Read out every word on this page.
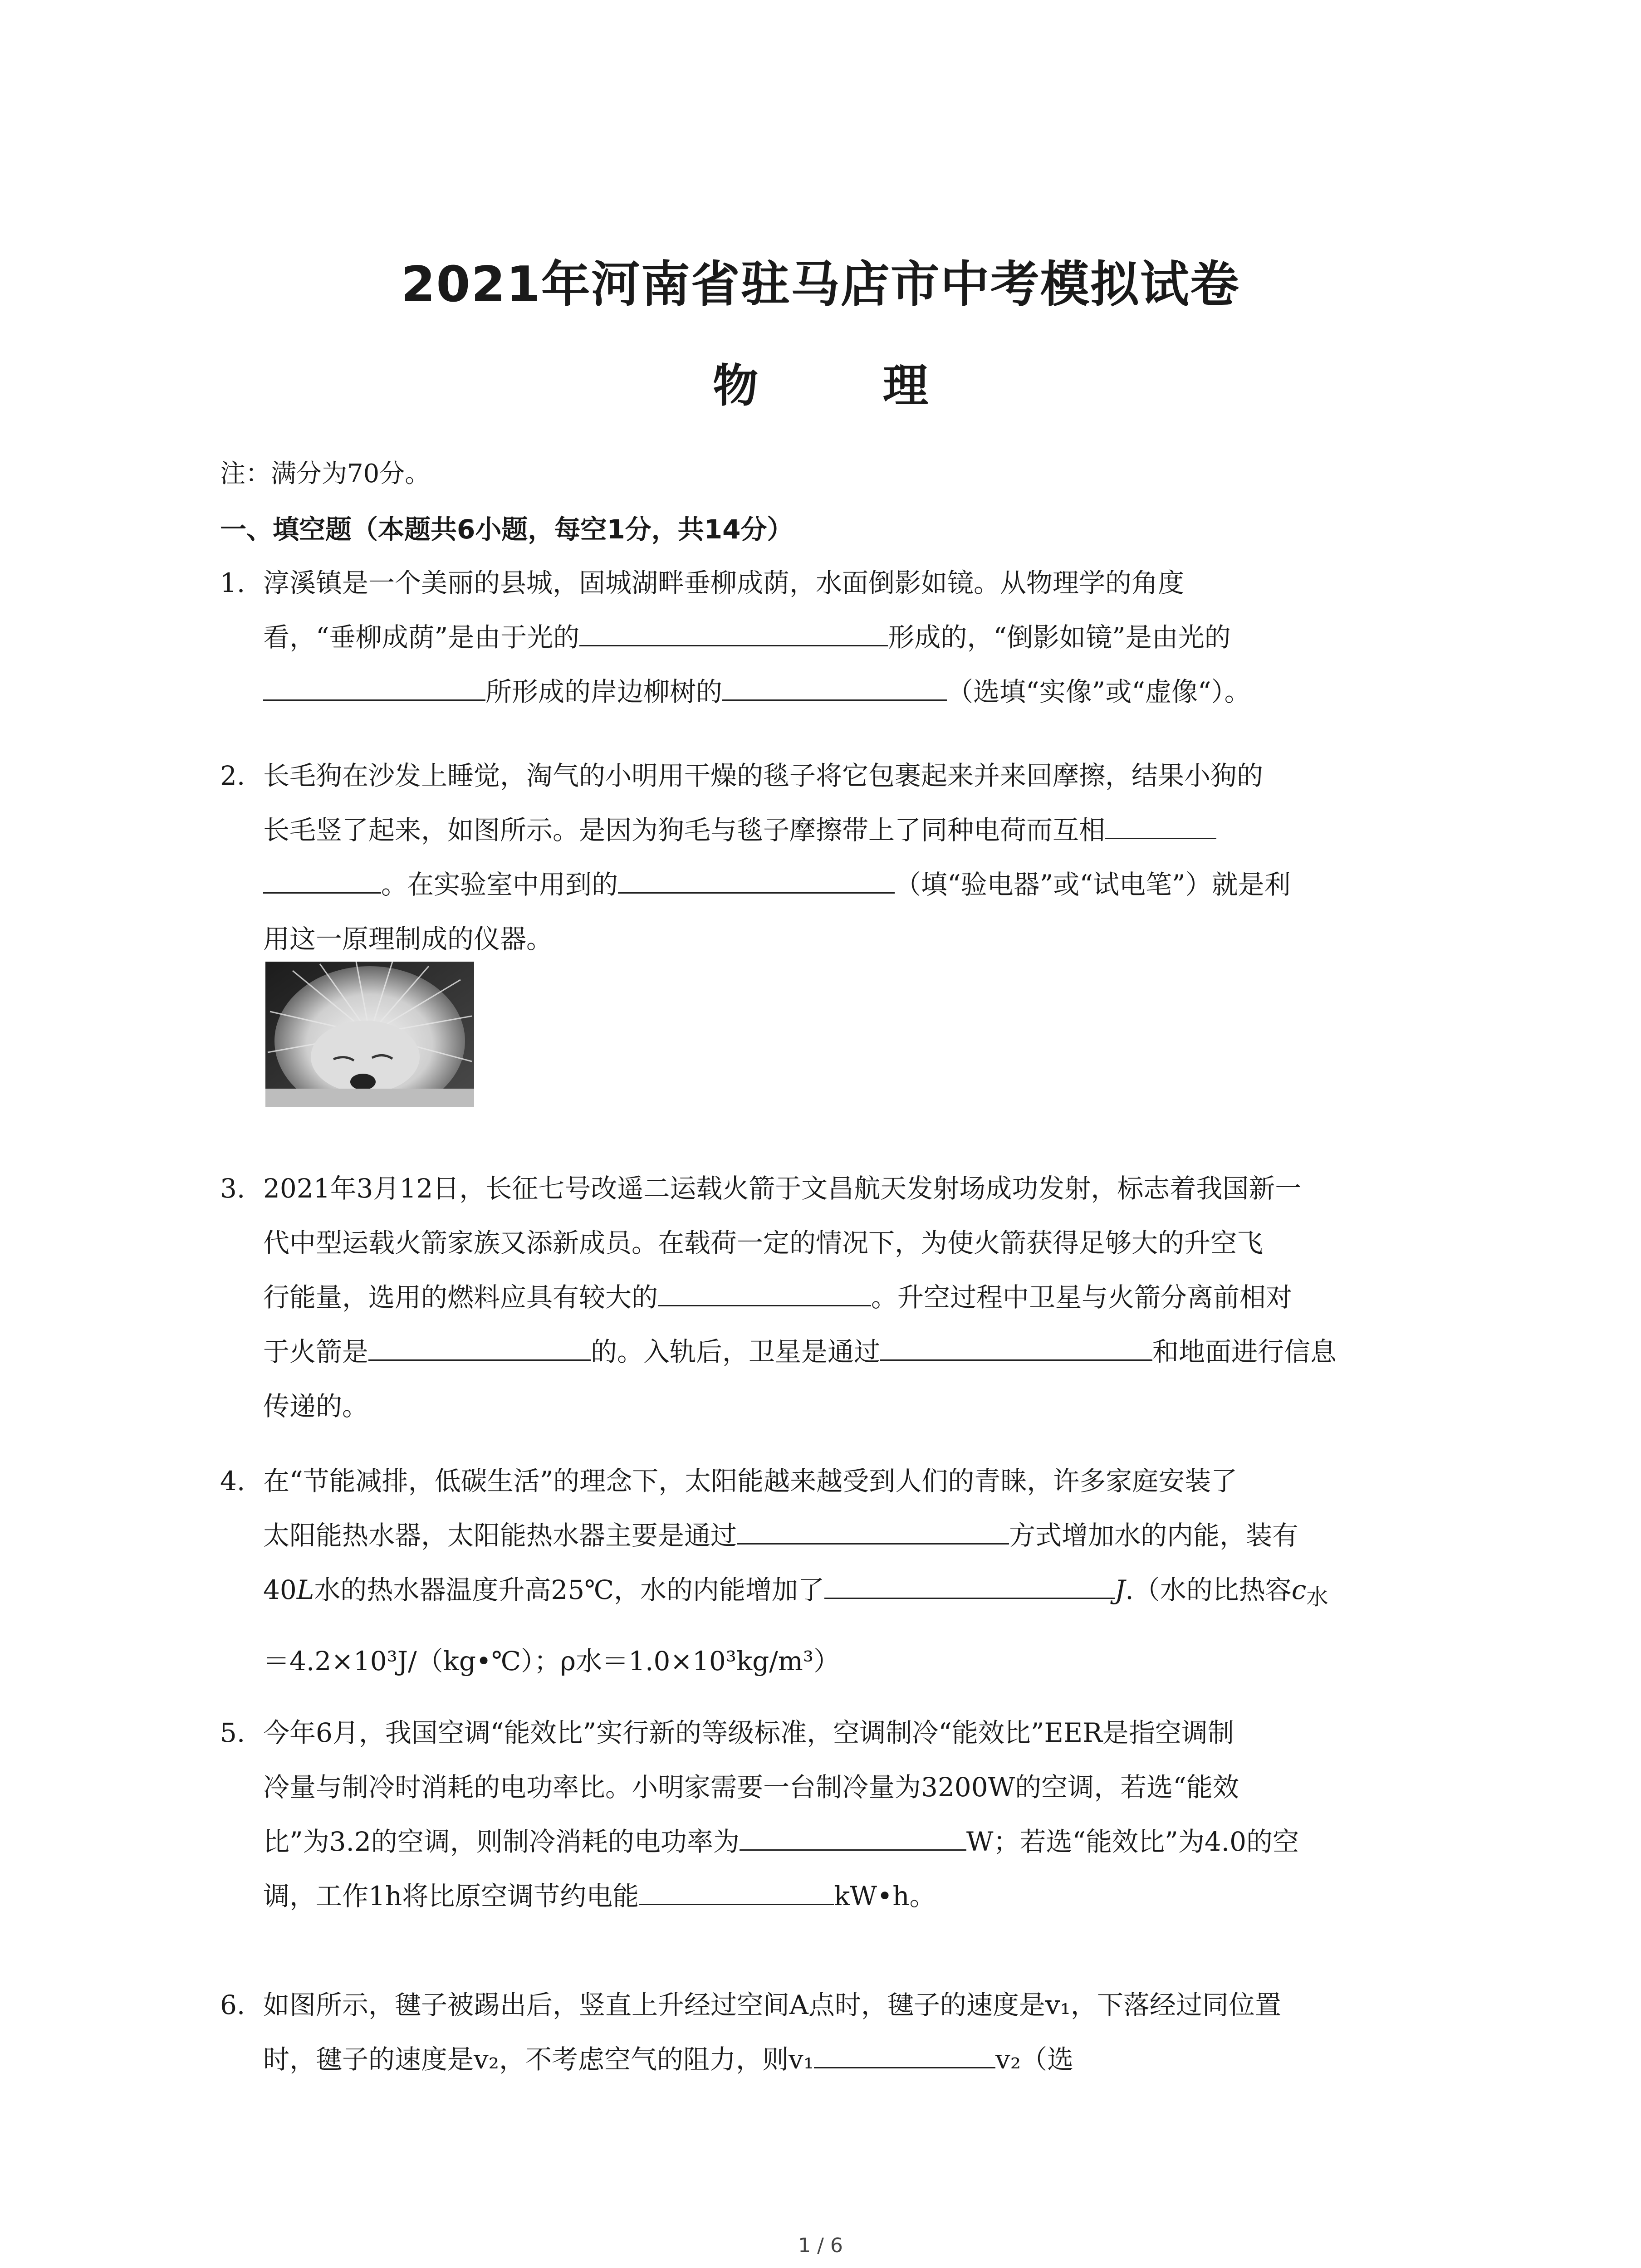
2021年河南省驻马店市中考模拟试卷
物 理
注：满分为70分。
一、填空题（本题共6小题，每空1分，共14分）
1. 淳溪镇是一个美丽的县城，固城湖畔垂柳成荫，水面倒影如镜。从物理学的角度
看，“垂柳成荫”是由于光的	形成的，“倒影如镜”是由光的
所形成的岸边柳树的	（选填“实像”或“虚像“）。
2. 长毛狗在沙发上睡觉，淘气的小明用干燥的毯子将它包裹起来并来回摩擦，结果小狗的
长毛竖了起来，如图所示。是因为狗毛与毯子摩擦带上了同种电荷而互相
。在实验室中用到的	（填“验电器”或“试电笔”）就是利
用这一原理制成的仪器。
3. 2021年3月12日，长征七号改遥二运载火箭于文昌航天发射场成功发射，标志着我国新一
代中型运载火箭家族又添新成员。在载荷一定的情况下，为使火箭获得足够大的升空飞
行能量，选用的燃料应具有较大的	。升空过程中卫星与火箭分离前相对
于火箭是	的。入轨后，卫星是通过	和地面进行信息
传递的。
4. 在“节能减排，低碳生活”的理念下，太阳能越来越受到人们的青睐，许多家庭安装了
太阳能热水器，太阳能热水器主要是通过	方式增加水的内能，装有
40L水的热水器温度升高25℃，水的内能增加了	J.（水的比热容$c_水$
＝4.2×10³J/（kg•℃）；ρ水＝1.0×10³kg/m³）
5. 今年6月，我国空调“能效比”实行新的等级标准，空调制冷“能效比”EER是指空调制
冷量与制冷时消耗的电功率比。小明家需要一台制冷量为3200W的空调，若选“能效
比”为3.2的空调，则制冷消耗的电功率为	W；若选“能效比”为4.0的空
调，工作1h将比原空调节约电能	kW•h。
6. 如图所示，毽子被踢出后，竖直上升经过空间A点时，毽子的速度是v₁，下落经过同位置
时，毽子的速度是v₂，不考虑空气的阻力，则v₁	v₂（选
1 / 6
